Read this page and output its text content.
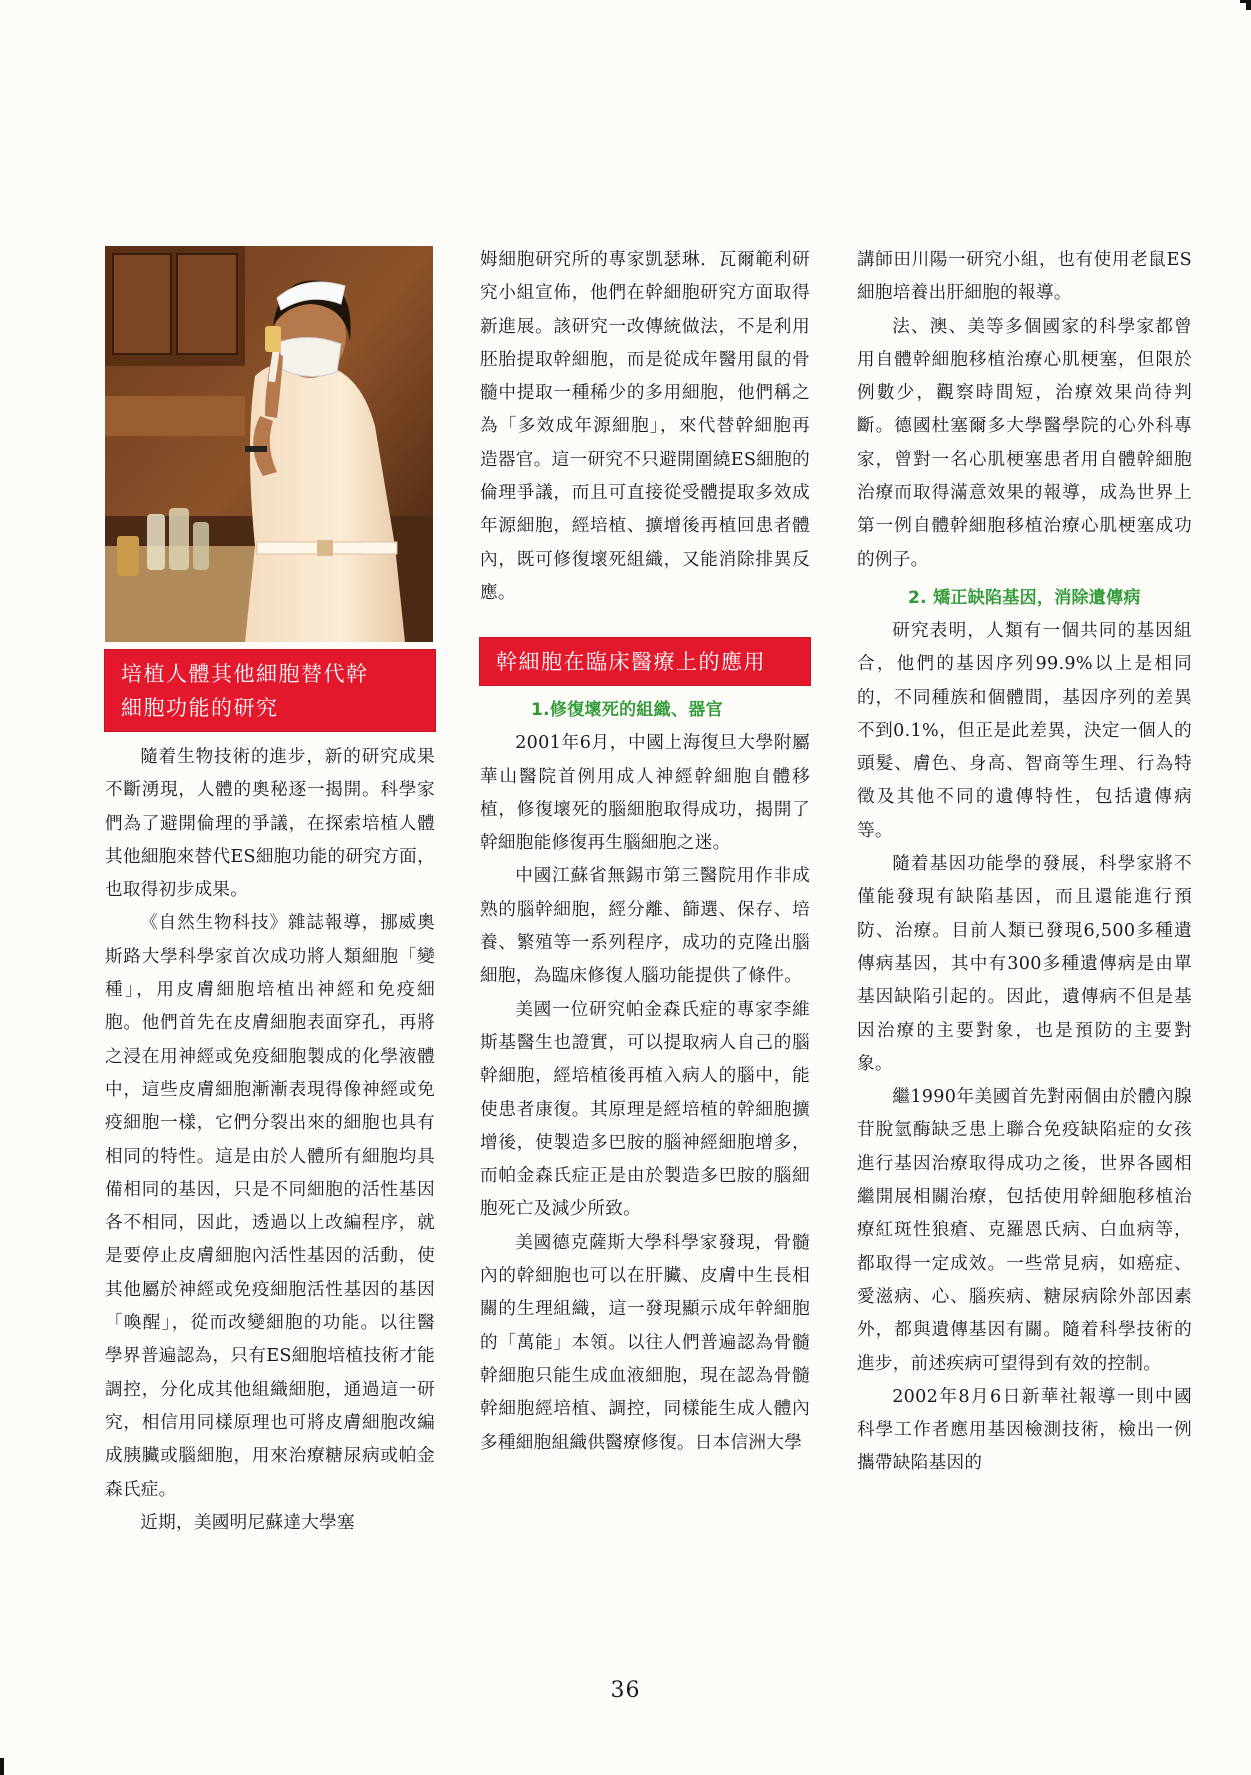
培植人體其他細胞替代幹
細胞功能的研究

隨着生物技術的進步，新的研究成果不斷湧現，人體的奧秘逐一揭開。科學家們為了避開倫理的爭議，在探索培植人體其他細胞來替代ES細胞功能的研究方面，也取得初步成果。

《自然生物科技》雜誌報導，挪威奧斯路大學科學家首次成功將人類細胞「變種」，用皮膚細胞培植出神經和免疫細胞。他們首先在皮膚細胞表面穿孔，再將之浸在用神經或免疫細胞製成的化學液體中，這些皮膚細胞漸漸表現得像神經或免疫細胞一樣，它們分裂出來的細胞也具有相同的特性。這是由於人體所有細胞均具備相同的基因，只是不同細胞的活性基因各不相同，因此，透過以上改編程序，就是要停止皮膚細胞內活性基因的活動，使其他屬於神經或免疫細胞活性基因的基因「喚醒」，從而改變細胞的功能。以往醫學界普遍認為，只有ES細胞培植技術才能調控，分化成其他組織細胞，通過這一研究，相信用同樣原理也可將皮膚細胞改編成胰臟或腦細胞，用來治療糖尿病或帕金森氏症。

近期，美國明尼蘇達大學塞

姆細胞研究所的專家凱瑟琳．瓦爾範利研究小組宣佈，他們在幹細胞研究方面取得新進展。該研究一改傳統做法，不是利用胚胎提取幹細胞，而是從成年醫用鼠的骨髓中提取一種稀少的多用細胞，他們稱之為「多效成年源細胞」，來代替幹細胞再造器官。這一研究不只避開圍繞ES細胞的倫理爭議，而且可直接從受體提取多效成年源細胞，經培植、擴增後再植回患者體內，既可修復壞死組織，又能消除排異反應。

幹細胞在臨床醫療上的應用

1.修復壞死的組織、器官

2001年6月，中國上海復旦大學附屬華山醫院首例用成人神經幹細胞自體移植，修復壞死的腦細胞取得成功，揭開了幹細胞能修復再生腦細胞之迷。

中國江蘇省無錫市第三醫院用作非成熟的腦幹細胞，經分離、篩選、保存、培養、繁殖等一系列程序，成功的克隆出腦細胞，為臨床修復人腦功能提供了條件。

美國一位研究帕金森氏症的專家李維斯基醫生也證實，可以提取病人自己的腦幹細胞，經培植後再植入病人的腦中，能使患者康復。其原理是經培植的幹細胞擴增後，使製造多巴胺的腦神經細胞增多，而帕金森氏症正是由於製造多巴胺的腦細胞死亡及減少所致。

美國德克薩斯大學科學家發現，骨髓內的幹細胞也可以在肝臟、皮膚中生長相關的生理組織，這一發現顯示成年幹細胞的「萬能」本領。以往人們普遍認為骨髓幹細胞只能生成血液細胞，現在認為骨髓幹細胞經培植、調控，同樣能生成人體內多種細胞組織供醫療修復。日本信洲大學

講師田川陽一研究小組，也有使用老鼠ES細胞培養出肝細胞的報導。

法、澳、美等多個國家的科學家都曾用自體幹細胞移植治療心肌梗塞，但限於例數少，觀察時間短，治療效果尚待判斷。德國杜塞爾多大學醫學院的心外科專家，曾對一名心肌梗塞患者用自體幹細胞治療而取得滿意效果的報導，成為世界上第一例自體幹細胞移植治療心肌梗塞成功的例子。

2. 矯正缺陷基因，消除遺傳病

研究表明，人類有一個共同的基因組合，他們的基因序列99.9%以上是相同的，不同種族和個體間，基因序列的差異不到0.1%，但正是此差異，決定一個人的頭髮、膚色、身高、智商等生理、行為特徵及其他不同的遺傳特性，包括遺傳病等。

隨着基因功能學的發展，科學家將不僅能發現有缺陷基因，而且還能進行預防、治療。目前人類已發現6,500多種遺傳病基因，其中有300多種遺傳病是由單基因缺陷引起的。因此，遺傳病不但是基因治療的主要對象，也是預防的主要對象。

繼1990年美國首先對兩個由於體內腺苷脫氫酶缺乏患上聯合免疫缺陷症的女孩進行基因治療取得成功之後，世界各國相繼開展相關治療，包括使用幹細胞移植治療紅斑性狼瘡、克羅恩氏病、白血病等，都取得一定成效。一些常見病，如癌症、愛滋病、心、腦疾病、糖尿病除外部因素外，都與遺傳基因有關。隨着科學技術的進步，前述疾病可望得到有效的控制。

2002年8月6日新華社報導一則中國科學工作者應用基因檢測技術，檢出一例攜帶缺陷基因的

36
